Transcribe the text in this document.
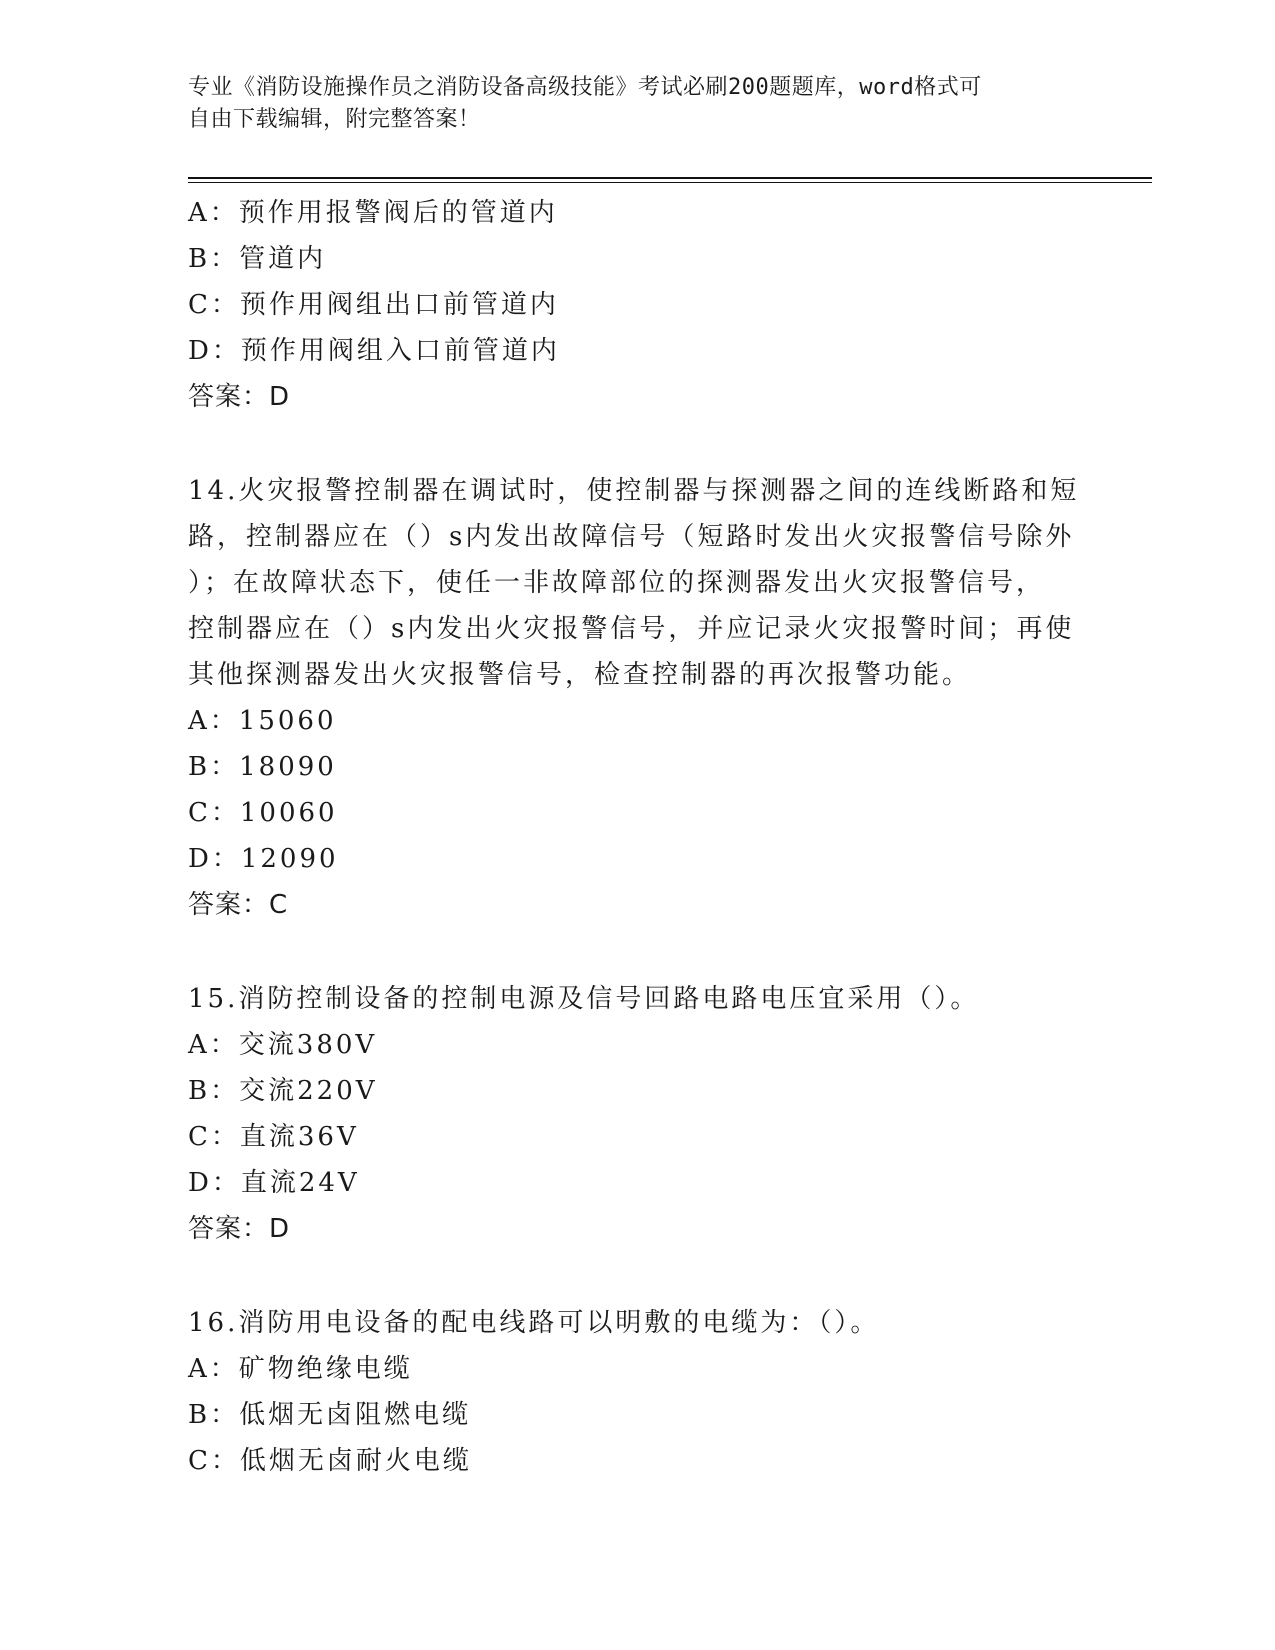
专业《消防设施操作员之消防设备高级技能》考试必刷200题题库，word格式可
自由下载编辑，附完整答案！
A：预作用报警阀后的管道内
B：管道内
C：预作用阀组出口前管道内
D：预作用阀组入口前管道内
答案：D
14.火灾报警控制器在调试时，使控制器与探测器之间的连线断路和短
路，控制器应在（）s内发出故障信号（短路时发出火灾报警信号除外
）；在故障状态下，使任一非故障部位的探测器发出火灾报警信号，
控制器应在（）s内发出火灾报警信号，并应记录火灾报警时间；再使
其他探测器发出火灾报警信号，检查控制器的再次报警功能。
A：15060
B：18090
C：10060
D：12090
答案：C
15.消防控制设备的控制电源及信号回路电路电压宜采用（）。
A：交流380V
B：交流220V
C：直流36V
D：直流24V
答案：D
16.消防用电设备的配电线路可以明敷的电缆为：（）。
A：矿物绝缘电缆
B：低烟无卤阻燃电缆
C：低烟无卤耐火电缆
